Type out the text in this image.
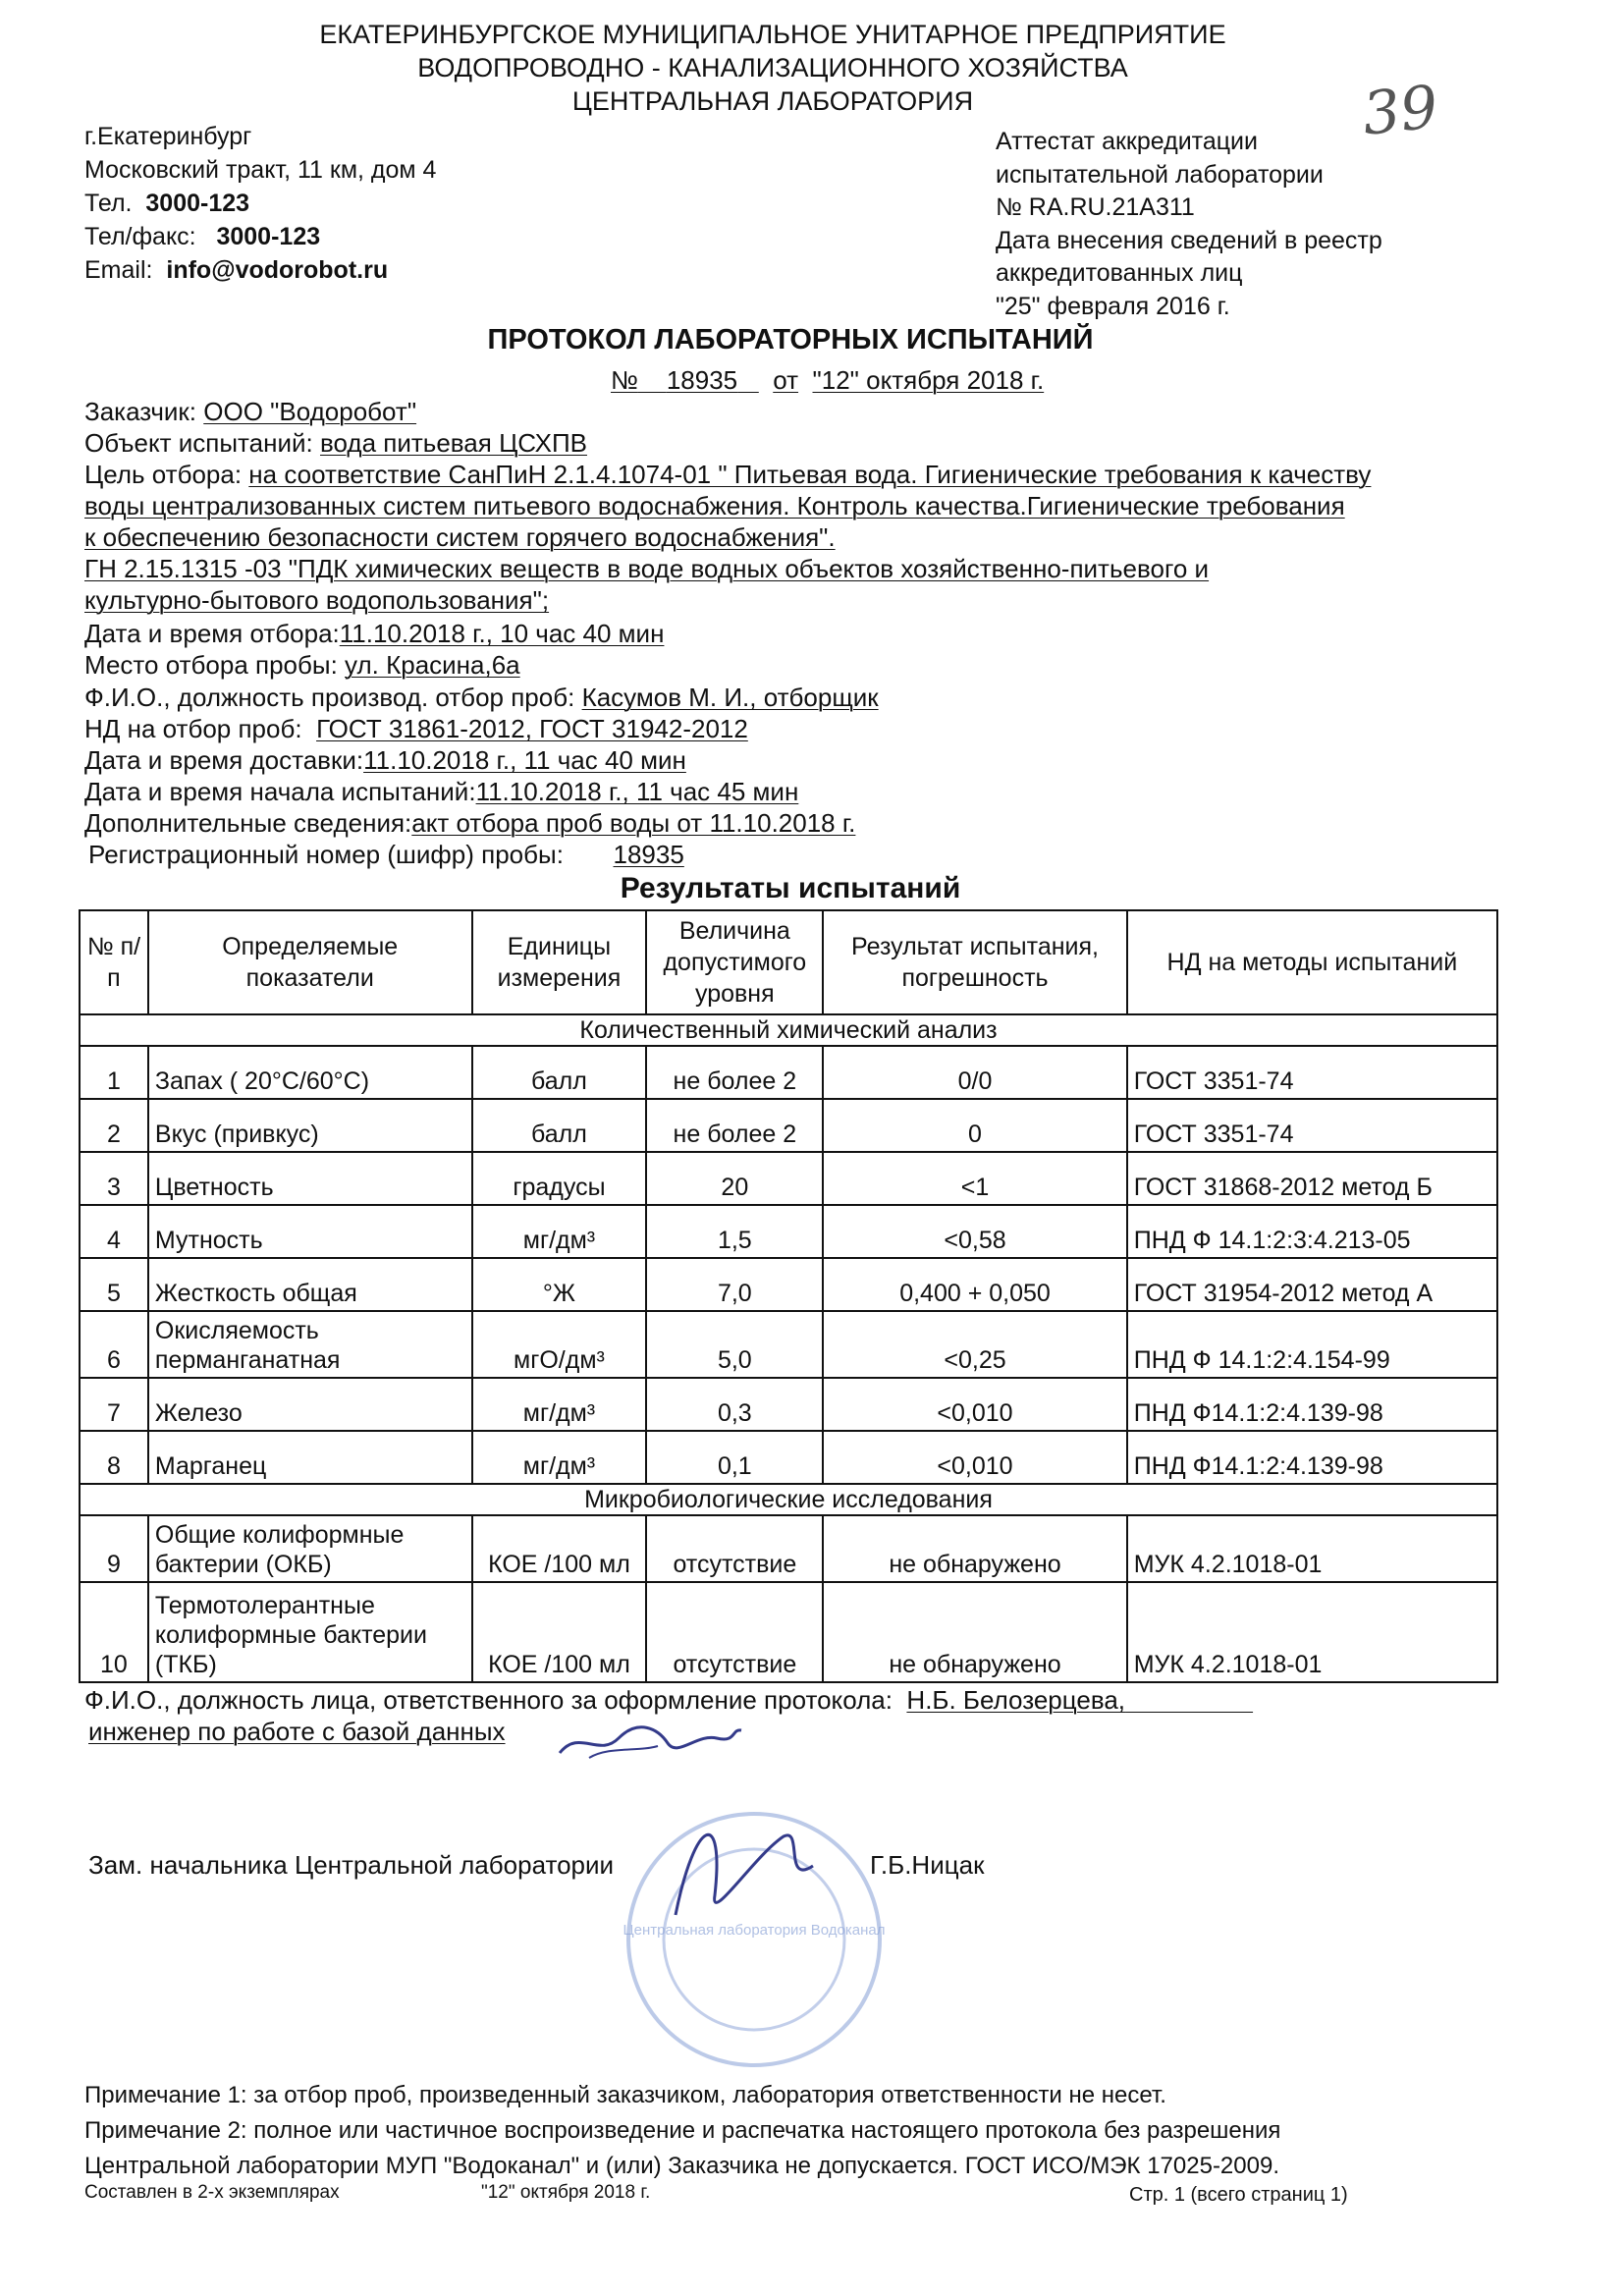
ЕКАТЕРИНБУРГСКОЕ МУНИЦИПАЛЬНОЕ УНИТАРНОЕ ПРЕДПРИЯТИЕ
ВОДОПРОВОДНО - КАНАЛИЗАЦИОННОГО ХОЗЯЙСТВА
ЦЕНТРАЛЬНАЯ ЛАБОРАТОРИЯ	39
г.Екатеринбург
Московский тракт, 11 км, дом 4
Тел. 3000-123
Тел/факс: 3000-123
Email: info@vodorobot.ru
Аттестат аккредитации
испытательной лаборатории
№ RA.RU.21A311
Дата внесения сведений в реестр
аккредитованных лиц
"25" февраля 2016 г.
ПРОТОКОЛ ЛАБОРАТОРНЫХ ИСПЫТАНИЙ
№ 18935 от "12" октября 2018 г.
Заказчик: ООО "Водоробот"
Объект испытаний: вода питьевая ЦСХПВ
Цель отбора: на соответствие СанПиН 2.1.4.1074-01 " Питьевая вода. Гигиенические требования к качеству
воды централизованных систем питьевого водоснабжения. Контроль качества.Гигиенические требования
к обеспечению безопасности систем горячего водоснабжения".
ГН 2.15.1315 -03 "ПДК химических веществ в воде водных объектов хозяйственно-питьевого и
культурно-бытового водопользования";
Дата и время отбора:11.10.2018 г., 10 час 40 мин
Место отбора пробы: ул. Красина,6а
Ф.И.О., должность производ. отбор проб: Касумов М. И., отборщик
НД на отбор проб: ГОСТ 31861-2012, ГОСТ 31942-2012
Дата и время доставки:11.10.2018 г., 11 час 40 мин
Дата и время начала испытаний:11.10.2018 г., 11 час 45 мин
Дополнительные сведения:акт отбора проб воды от 11.10.2018 г.
Регистрационный номер (шифр) пробы: 18935
Результаты испытаний
№ п/п	Определяемые показатели	Единицы измерения	Величина допустимого уровня	Результат испытания, погрешность	НД на методы испытаний
Количественный химический анализ					
1	Запах ( 20°С/60°С)	балл	не более 2	0/0	ГОСТ 3351-74
2	Вкус (привкус)	балл	не более 2	0	ГОСТ 3351-74
3	Цветность	градусы	20	<1	ГОСТ 31868-2012 метод Б
4	Мутность	мг/дм³	1,5	<0,58	ПНД Ф 14.1:2:3:4.213-05
5	Жесткость общая	°Ж	7,0	0,400 + 0,050	ГОСТ 31954-2012 метод А
6	Окисляемость перманганатная	мгО/дм³	5,0	<0,25	ПНД Ф 14.1:2:4.154-99
7	Железо	мг/дм³	0,3	<0,010	ПНД Ф14.1:2:4.139-98
8	Марганец	мг/дм³	0,1	<0,010	ПНД Ф14.1:2:4.139-98
Микробиологические исследования					
9	Общие колиформные бактерии (ОКБ)	КОЕ /100 мл	отсутствие	не обнаружено	МУК 4.2.1018-01
10	Термотолерантные колиформные бактерии (ТКБ)	КОЕ /100 мл	отсутствие	не обнаружено	МУК 4.2.1018-01
Ф.И.О., должность лица, ответственного за оформление протокола: Н.Б. Белозерцева,
инженер по работе с базой данных
Зам. начальника Центральной лаборатории	Г.Б.Ницак
Центральная лаборатория Водоканал
Примечание 1: за отбор проб, произведенный заказчиком, лаборатория ответственности не несет.
Примечание 2: полное или частичное воспроизведение и распечатка настоящего протокола без разрешения
Центральной лаборатории МУП "Водоканал" и (или) Заказчика не допускается. ГОСТ ИСО/МЭК 17025-2009.
Составлен в 2-х экземплярах	"12" октября 2018 г.	Стр. 1 (всего страниц 1)
